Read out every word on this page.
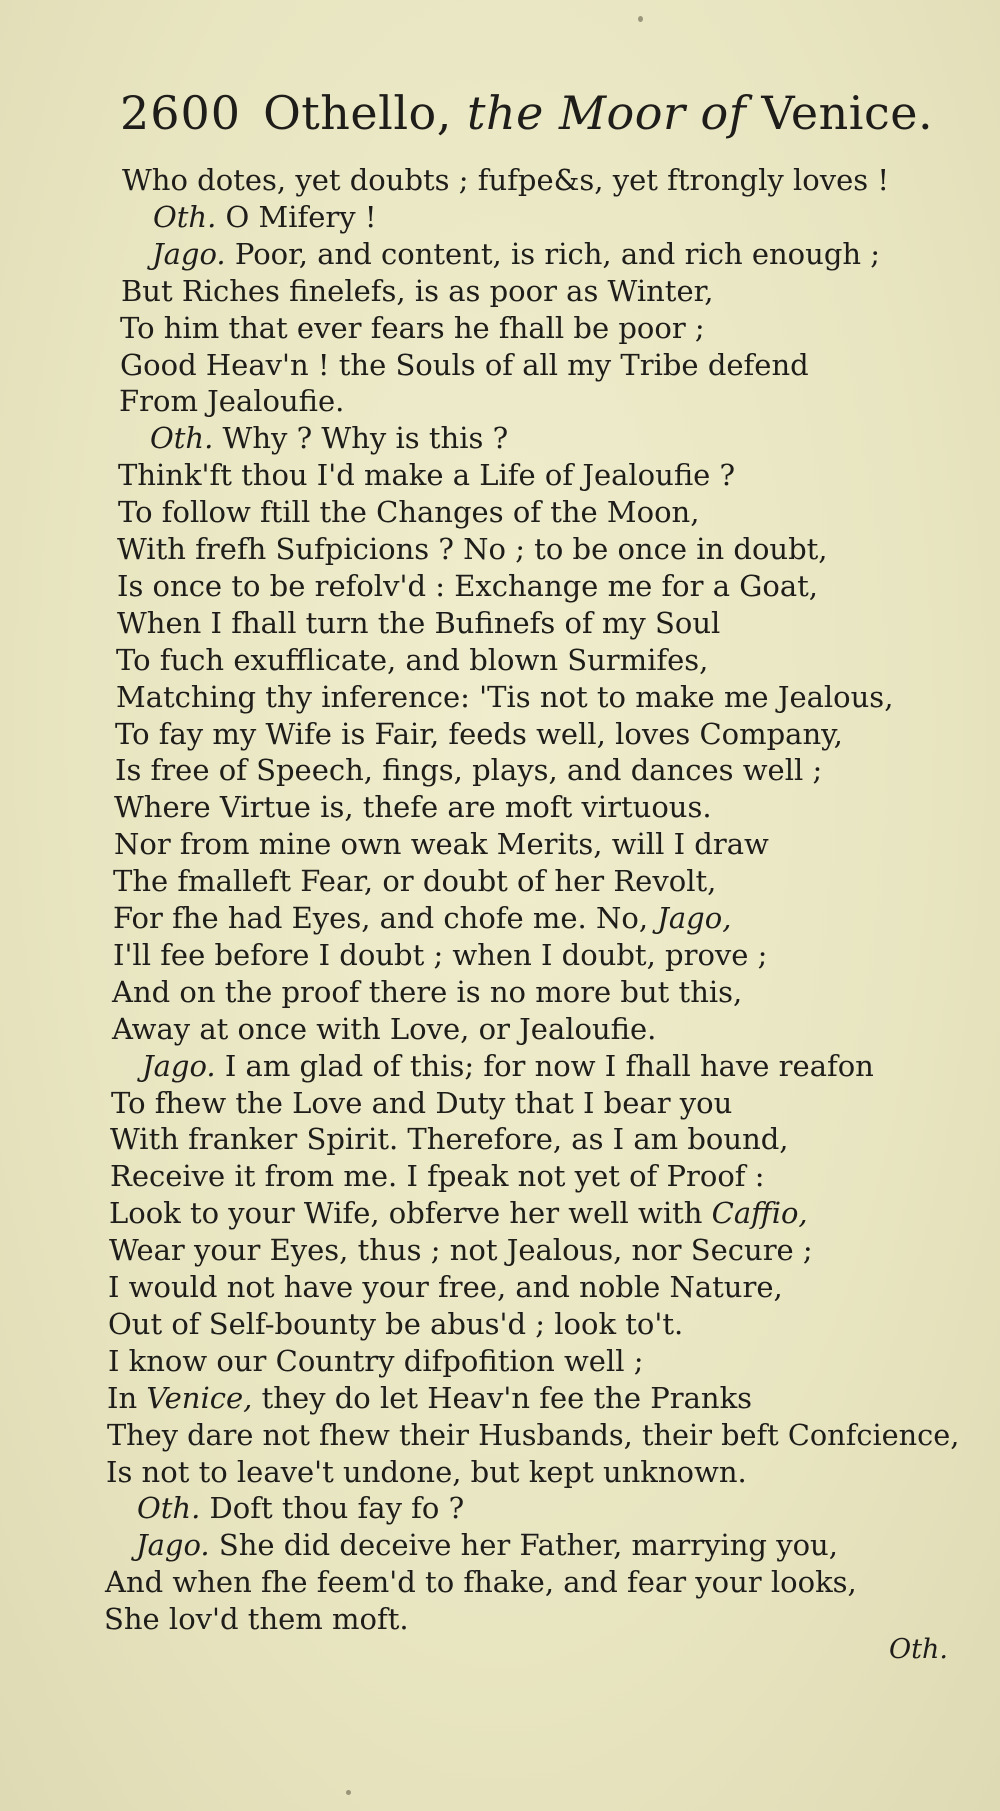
2600 Othello, the Moor of Venice.
Who dotes, yet doubts ; fufpe&s, yet ftrongly loves !
Oth. O Mifery !
Jago. Poor, and content, is rich, and rich enough ;
But Riches finelefs, is as poor as Winter,
To him that ever fears he fhall be poor ;
Good Heav'n ! the Souls of all my Tribe defend
From Jealoufie.
Oth. Why ? Why is this ?
Think'ft thou I'd make a Life of Jealoufie ?
To follow ftill the Changes of the Moon,
With frefh Sufpicions ? No ; to be once in doubt,
Is once to be refolv'd : Exchange me for a Goat,
When I fhall turn the Bufinefs of my Soul
To fuch exufflicate, and blown Surmifes,
Matching thy inference: 'Tis not to make me Jealous,
To fay my Wife is Fair, feeds well, loves Company,
Is free of Speech, fings, plays, and dances well ;
Where Virtue is, thefe are moft virtuous.
Nor from mine own weak Merits, will I draw
The fmalleft Fear, or doubt of her Revolt,
For fhe had Eyes, and chofe me. No, Jago,
I'll fee before I doubt ; when I doubt, prove ;
And on the proof there is no more but this,
Away at once with Love, or Jealoufie.
Jago. I am glad of this; for now I fhall have reafon
To fhew the Love and Duty that I bear you
With franker Spirit. Therefore, as I am bound,
Receive it from me. I fpeak not yet of Proof :
Look to your Wife, obferve her well with Caffio,
Wear your Eyes, thus ; not Jealous, nor Secure ;
I would not have your free, and noble Nature,
Out of Self-bounty be abus'd ; look to't.
I know our Country difpofition well ;
In Venice, they do let Heav'n fee the Pranks
They dare not fhew their Husbands, their beft Confcience,
Is not to leave't undone, but kept unknown.
Oth. Doft thou fay fo ?
Jago. She did deceive her Father, marrying you,
And when fhe feem'd to fhake, and fear your looks,
She lov'd them moft.
Oth.
